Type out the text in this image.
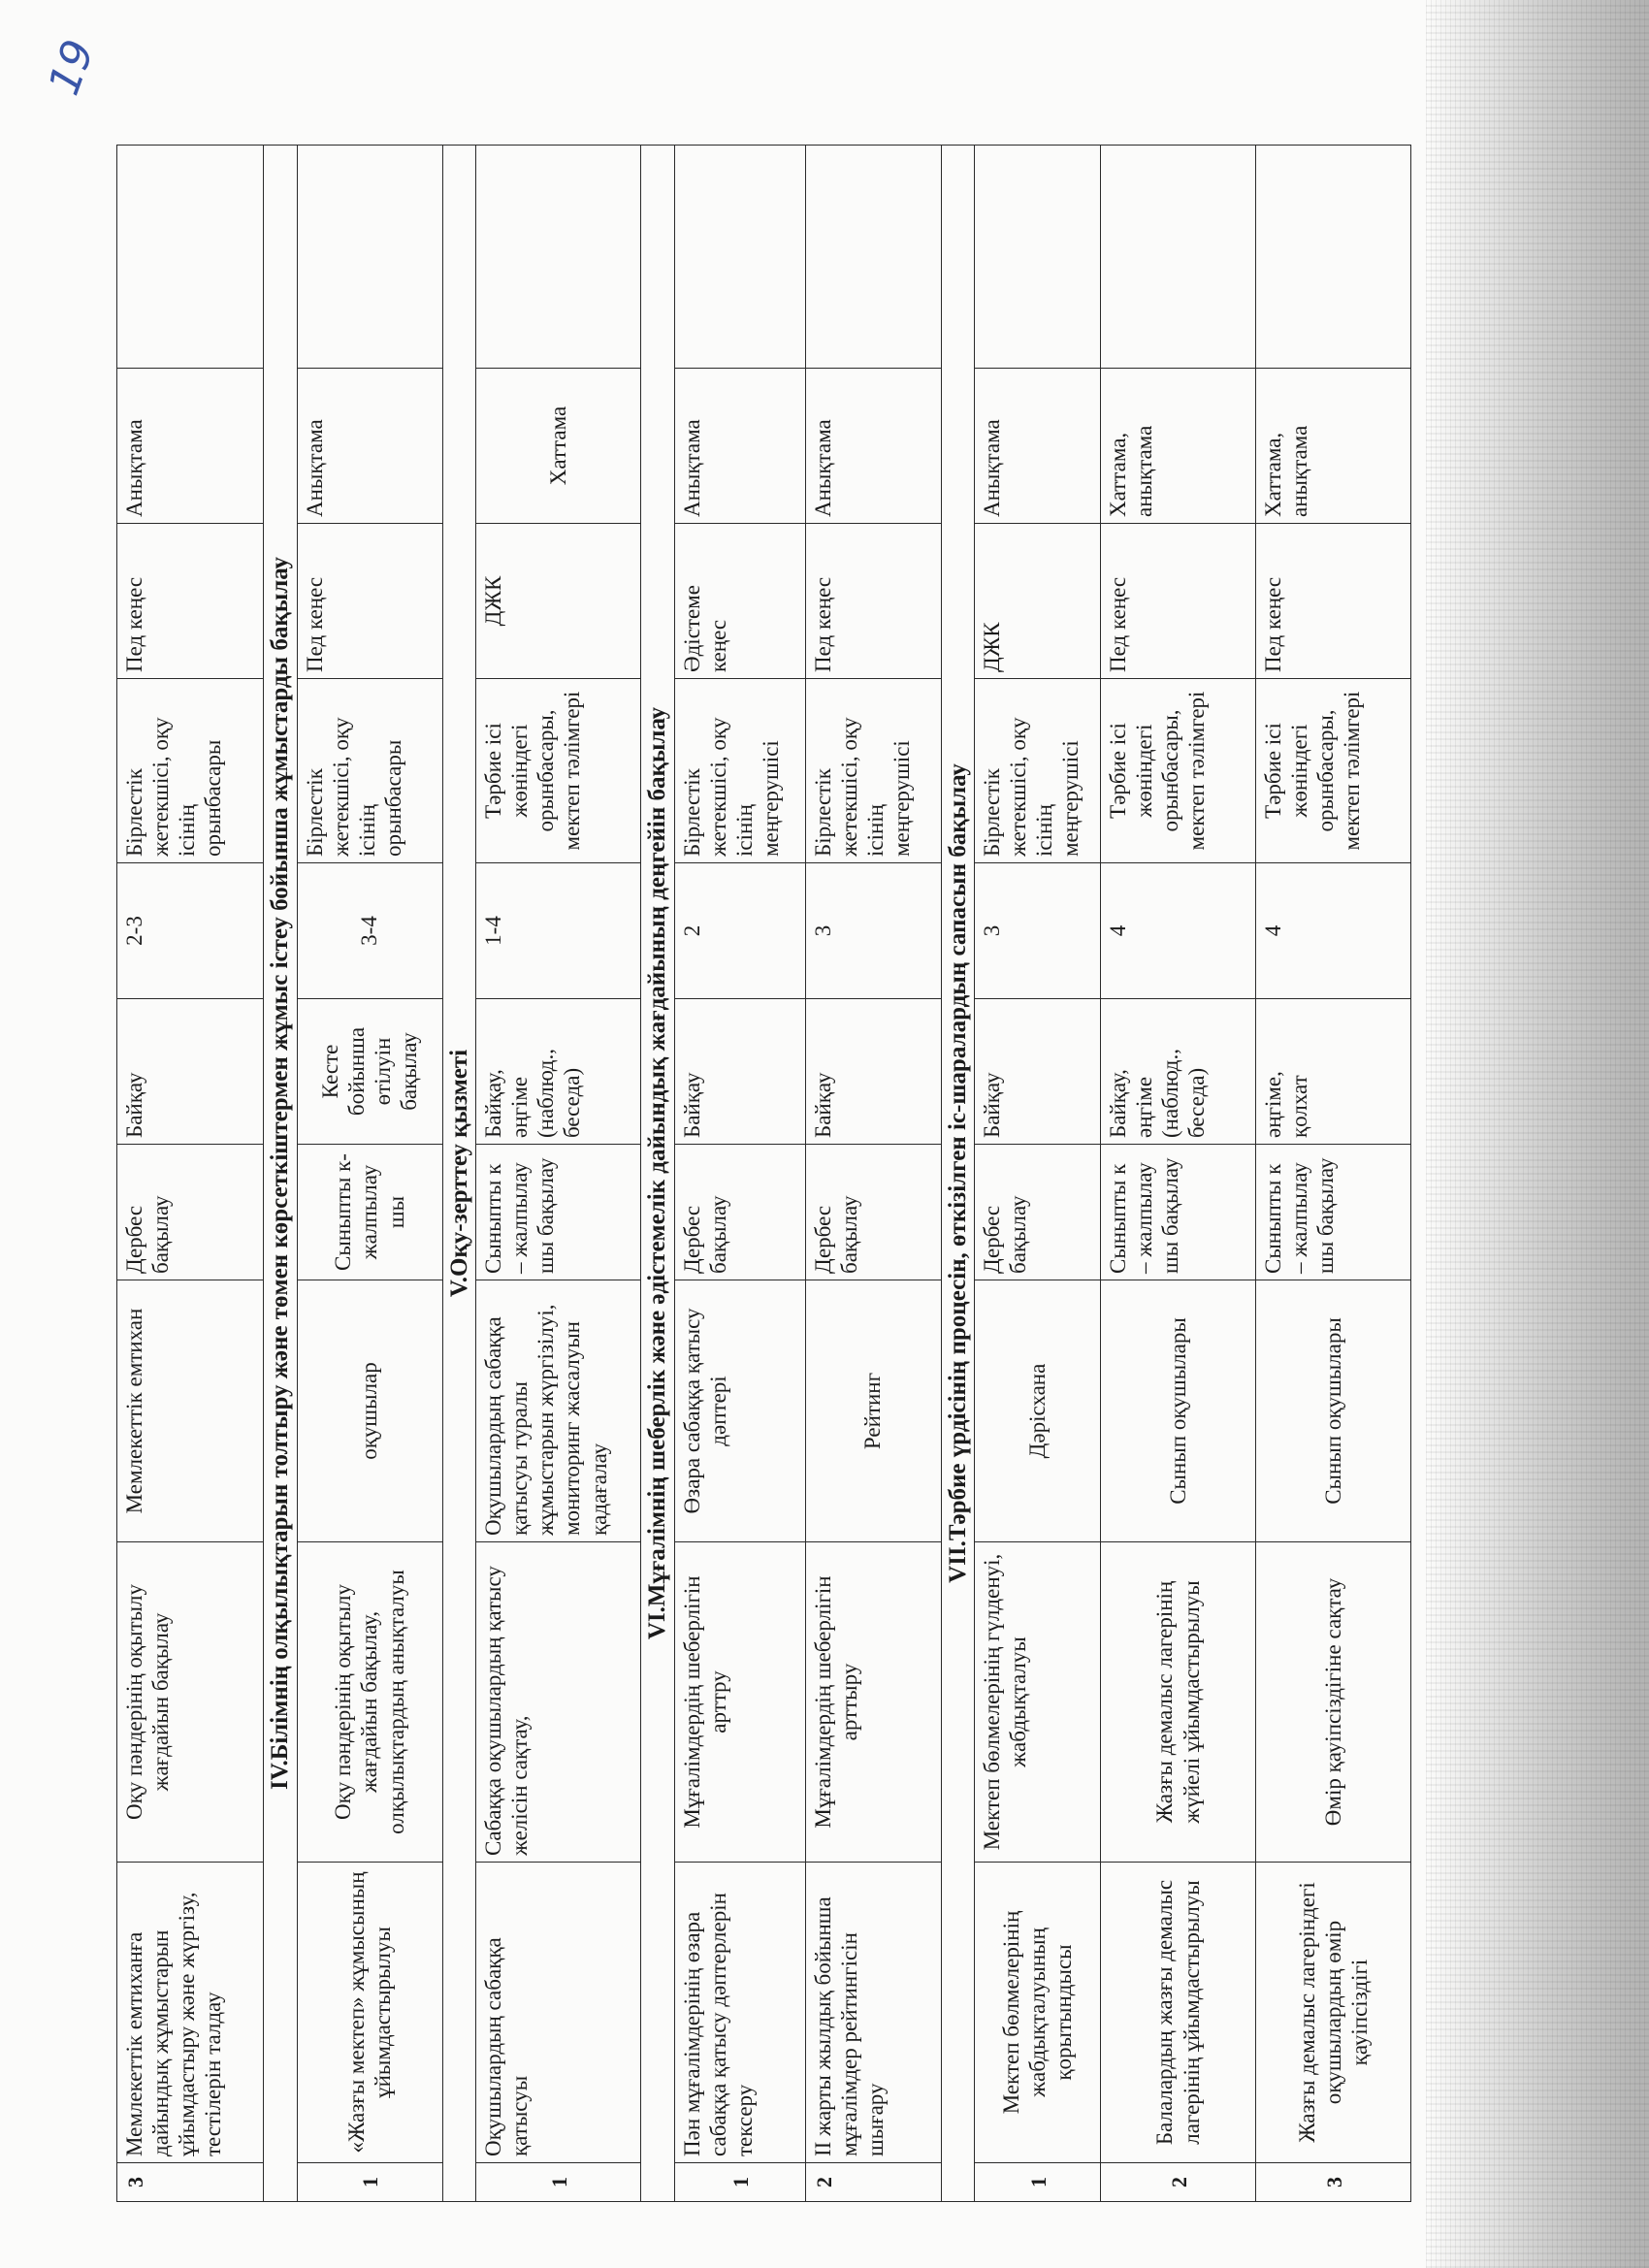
19
3	Мемлекеттік емтиханға дайындық жұмыстарын ұйымдастыру және жүргізу, тестілерін талдау	Оқу пәндерінің оқытылу жағдайын бақылау	Мемлекеттік емтихан	Дербес бақылау	Байқау	2-3	Бірлестік жетекшісі, оқу ісінің орынбасары	Пед кеңес	Анықтама	
IV.Білімнің олқылықтарын толтыру және төмен көрсеткіштермен жұмыс істеу бойынша жұмыстарды бақылау										
1	«Жазғы мектеп» жұмысының ұйымдастырылуы	Оқу пәндерінің оқытылу жағдайын бақылау, олқылықтардың анықталуы	оқушылар	Сыныпты к-жалпылау шы	Кесте бойынша өтілуін бақылау	3-4	Бірлестік жетекшісі, оқу ісінің орынбасары	Пед кеңес	Анықтама	
V.Оқу-зерттеу қызметі										
1	Оқушылардың сабаққа қатысуы	Сабаққа оқушылардың қатысу желісін сақтау,	Оқушылардың сабаққа қатысуы туралы жұмыстарын жүргізілуі, мониторинг жасалуын қадағалау	Сыныпты к – жалпылау шы бақылау	Байқау, әңгіме (наблюд., беседа)	1-4	Тәрбие ісі жөніндегі орынбасары, мектеп тәлімгері	ДЖК	Хаттама	
VI.Мұғалімнің шеберлік және әдістемелік дайындық жағдайының деңгейін бақылау										
1	Пән мұғалімдерінің өзара сабаққа қатысу дәптерлерін тексеру	Мұғалімдердің шеберлігін арттру	Өзара сабаққа қатысу дәптері	Дербес бақылау	Байқау	2	Бірлестік жетекшісі, оқу ісінің меңгерушісі	Әдістеме кеңес	Анықтама	
2	ІІ жарты жылдық бойынша мұғалімдер рейтингісін шығару	Мұғалімдердің шеберлігін арттыру	Рейтинг	Дербес бақылау	Байқау	3	Бірлестік жетекшісі, оқу ісінің меңгерушісі	Пед кеңес	Анықтама	
VII.Тәрбие үрдісінің процесін, өткізілген іс-шаралардың сапасын бақылау										
1	Мектеп бөлмелерінің жабдықталуының қорытындысы	Мектеп бөлмелерінің гүлденуі, жабдықталуы	Дәрісхана	Дербес бақылау	Байқау	3	Бірлестік жетекшісі, оқу ісінің меңгерушісі	ДЖК	Анықтама	
2	Балалардың жазғы демалыс лагерінің ұйымдастырылуы	Жазғы демалыс лагерінің жүйелі ұйымдастырылуы	Сынып оқушылары	Сыныпты к – жалпылау шы бақылау	Байқау, әңгіме (наблюд., беседа)	4	Тәрбие ісі жөніндегі орынбасары, мектеп тәлімгері	Пед кеңес	Хаттама, анықтама	
3	Жазғы демалыс лагеріндегі оқушылардың өмір қауіпсіздігі	Өмір қауіпсіздігіне сақтау	Сынып оқушылары	Сыныпты к – жалпылау шы бақылау	әңгіме, қолхат	4	Тәрбие ісі жөніндегі орынбасары, мектеп тәлімгері	Пед кеңес	Хаттама, анықтама	
